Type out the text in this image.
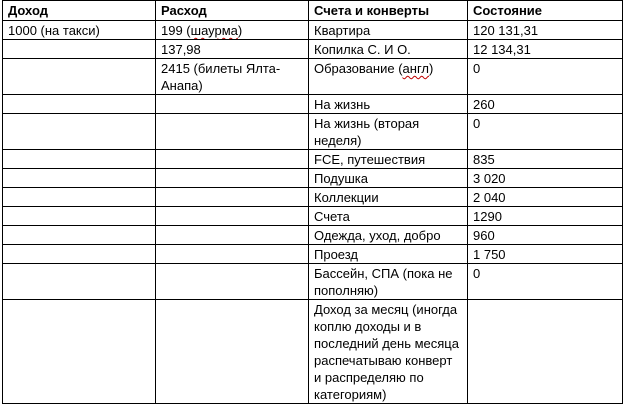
Доход	Расход	Счета и конверты	Состояние
1000 (на такси)	199 (шаурма)	Квартира	120 131,31
	137,98	Копилка С. И О.	12 134,31
	2415 (билеты Ялта-Анапа)	Образование (англ)	0
		На жизнь	260
		На жизнь (вторая неделя)	0
		FCE, путешествия	835
		Подушка	3 020
		Коллекции	2 040
		Счета	1290
		Одежда, уход, добро	960
		Проезд	1 750
		Бассейн, СПА (пока не пополняю)	0
		Доход за месяц (иногда коплю доходы и в последний день месяца распечатываю конверт и распределяю по категориям)	
